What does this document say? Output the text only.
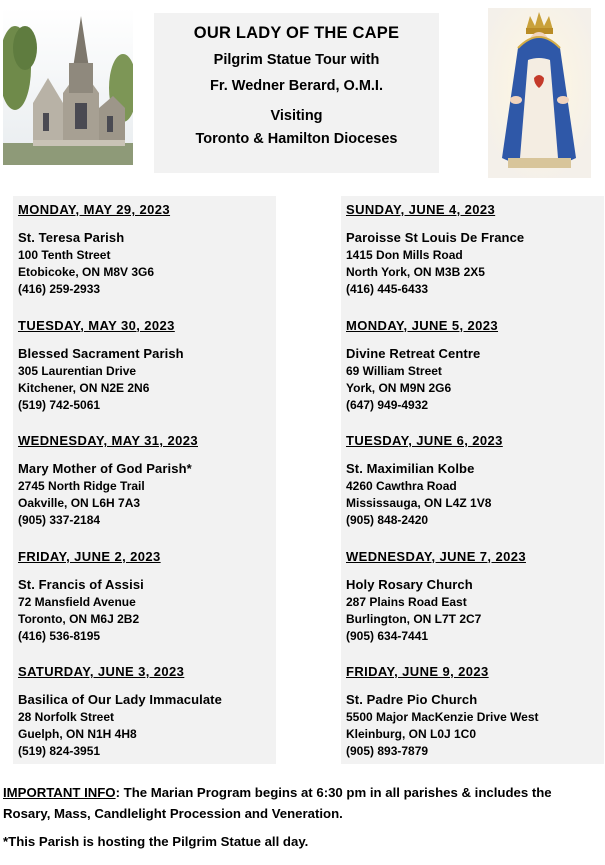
OUR LADY OF THE CAPE
Pilgrim Statue Tour with
Fr. Wedner Berard, O.M.I.
Visiting
Toronto & Hamilton Dioceses
MONDAY, MAY 29, 2023
St. Teresa Parish
100 Tenth Street
Etobicoke, ON M8V 3G6
(416) 259-2933
TUESDAY, MAY 30, 2023
Blessed Sacrament Parish
305 Laurentian Drive
Kitchener, ON N2E 2N6
(519) 742-5061
WEDNESDAY, MAY 31, 2023
Mary Mother of God Parish*
2745 North Ridge Trail
Oakville, ON L6H 7A3
(905) 337-2184
FRIDAY, JUNE 2, 2023
St. Francis of Assisi
72 Mansfield Avenue
Toronto, ON M6J 2B2
(416) 536-8195
SATURDAY, JUNE 3, 2023
Basilica of Our Lady Immaculate
28 Norfolk Street
Guelph, ON N1H 4H8
(519) 824-3951
SUNDAY, JUNE 4, 2023
Paroisse St Louis De France
1415 Don Mills Road
North York, ON M3B 2X5
(416) 445-6433
MONDAY, JUNE 5, 2023
Divine Retreat Centre
69 William Street
York, ON M9N 2G6
(647) 949-4932
TUESDAY, JUNE 6, 2023
St. Maximilian Kolbe
4260 Cawthra Road
Mississauga, ON L4Z 1V8
(905) 848-2420
WEDNESDAY, JUNE 7, 2023
Holy Rosary Church
287 Plains Road East
Burlington, ON L7T 2C7
(905) 634-7441
FRIDAY, JUNE 9, 2023
St. Padre Pio Church
5500 Major MacKenzie Drive West
Kleinburg, ON L0J 1C0
(905) 893-7879
IMPORTANT INFO: The Marian Program begins at 6:30 pm in all parishes & includes the Rosary, Mass, Candlelight Procession and Veneration.
*This Parish is hosting the Pilgrim Statue all day.
